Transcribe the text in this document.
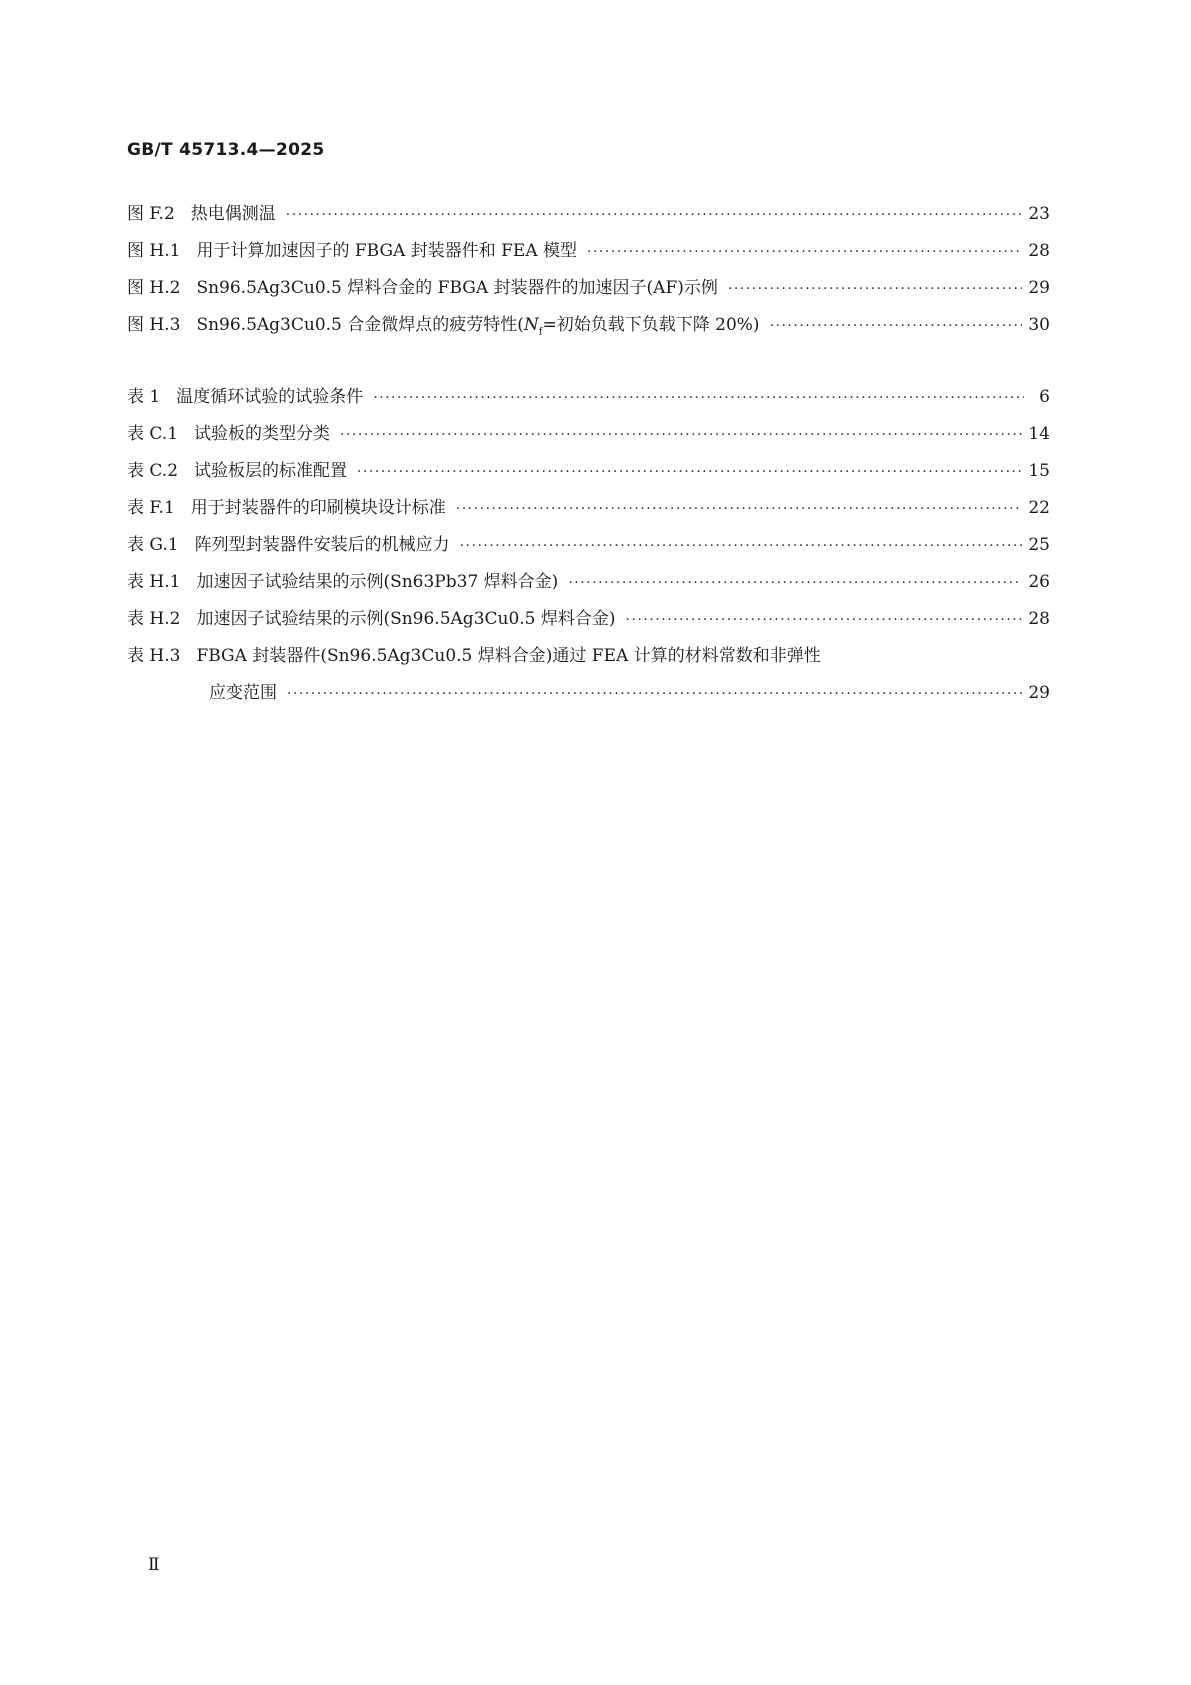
GB/T 45713.4—2025
图 F.2 热电偶测温 ·····	23
图 H.1 用于计算加速因子的 FBGA 封装器件和 FEA 模型 ·····	28
图 H.2 Sn96.5Ag3Cu0.5 焊料合金的 FBGA 封装器件的加速因子(AF)示例 ·····	29
图 H.3 Sn96.5Ag3Cu0.5 合金微焊点的疲劳特性($N_f=$初始负载下负载下降 20%) ·····	30
表 1 温度循环试验的试验条件 ·····	6
表 C.1 试验板的类型分类 ·····	14
表 C.2 试验板层的标准配置 ·····	15
表 F.1 用于封装器件的印刷模块设计标准 ·····	22
表 G.1 阵列型封装器件安装后的机械应力 ·····	25
表 H.1 加速因子试验结果的示例(Sn63Pb37 焊料合金) ·····	26
表 H.2 加速因子试验结果的示例(Sn96.5Ag3Cu0.5 焊料合金) ·····	28
表 H.3 FBGA 封装器件(Sn96.5Ag3Cu0.5 焊料合金)通过 FEA 计算的材料常数和非弹性
应变范围 ·····	29
Ⅱ
